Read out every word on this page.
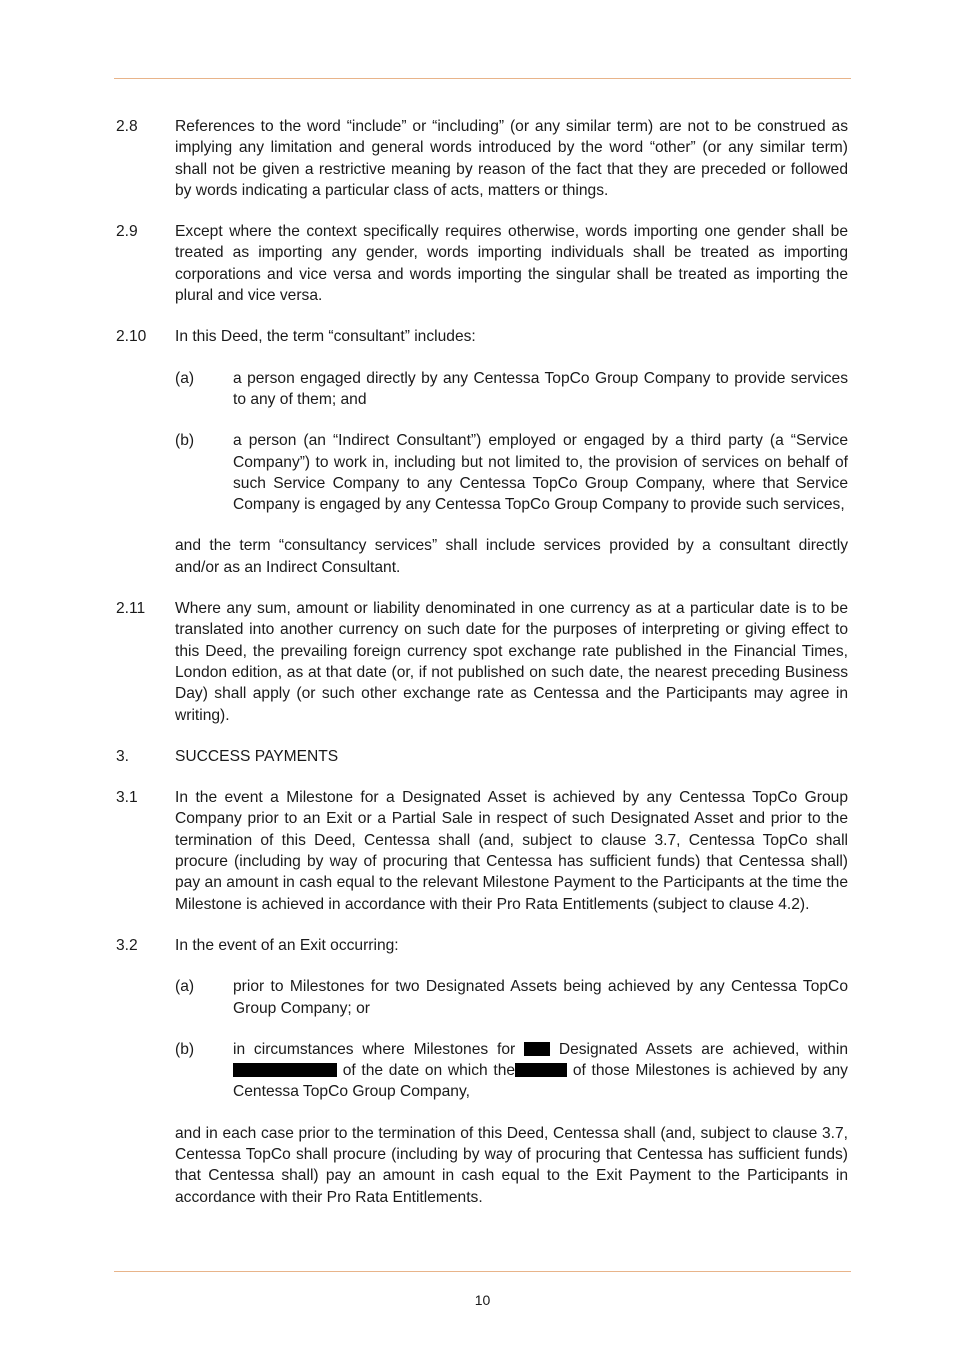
2.8 References to the word “include” or “including” (or any similar term) are not to be construed as implying any limitation and general words introduced by the word “other” (or any similar term) shall not be given a restrictive meaning by reason of the fact that they are preceded or followed by words indicating a particular class of acts, matters or things.
2.9 Except where the context specifically requires otherwise, words importing one gender shall be treated as importing any gender, words importing individuals shall be treated as importing corporations and vice versa and words importing the singular shall be treated as importing the plural and vice versa.
2.10 In this Deed, the term “consultant” includes:
(a) a person engaged directly by any Centessa TopCo Group Company to provide services to any of them; and
(b) a person (an “Indirect Consultant”) employed or engaged by a third party (a “Service Company”) to work in, including but not limited to, the provision of services on behalf of such Service Company to any Centessa TopCo Group Company, where that Service Company is engaged by any Centessa TopCo Group Company to provide such services,
and the term “consultancy services” shall include services provided by a consultant directly and/or as an Indirect Consultant.
2.11 Where any sum, amount or liability denominated in one currency as at a particular date is to be translated into another currency on such date for the purposes of interpreting or giving effect to this Deed, the prevailing foreign currency spot exchange rate published in the Financial Times, London edition, as at that date (or, if not published on such date, the nearest preceding Business Day) shall apply (or such other exchange rate as Centessa and the Participants may agree in writing).
3.	SUCCESS PAYMENTS
3.1 In the event a Milestone for a Designated Asset is achieved by any Centessa TopCo Group Company prior to an Exit or a Partial Sale in respect of such Designated Asset and prior to the termination of this Deed, Centessa shall (and, subject to clause 3.7, Centessa TopCo shall procure (including by way of procuring that Centessa has sufficient funds) that Centessa shall) pay an amount in cash equal to the relevant Milestone Payment to the Participants at the time the Milestone is achieved in accordance with their Pro Rata Entitlements (subject to clause 4.2).
3.2 In the event of an Exit occurring:
(a) prior to Milestones for two Designated Assets being achieved by any Centessa TopCo Group Company; or
(b) in circumstances where Milestones for	Designated Assets are achieved, within  of the date on which the	of those Milestones is achieved by any Centessa TopCo Group Company,
and in each case prior to the termination of this Deed, Centessa shall (and, subject to clause 3.7, Centessa TopCo shall procure (including by way of procuring that Centessa has sufficient funds) that Centessa shall) pay an amount in cash equal to the Exit Payment to the Participants in accordance with their Pro Rata Entitlements.
10
